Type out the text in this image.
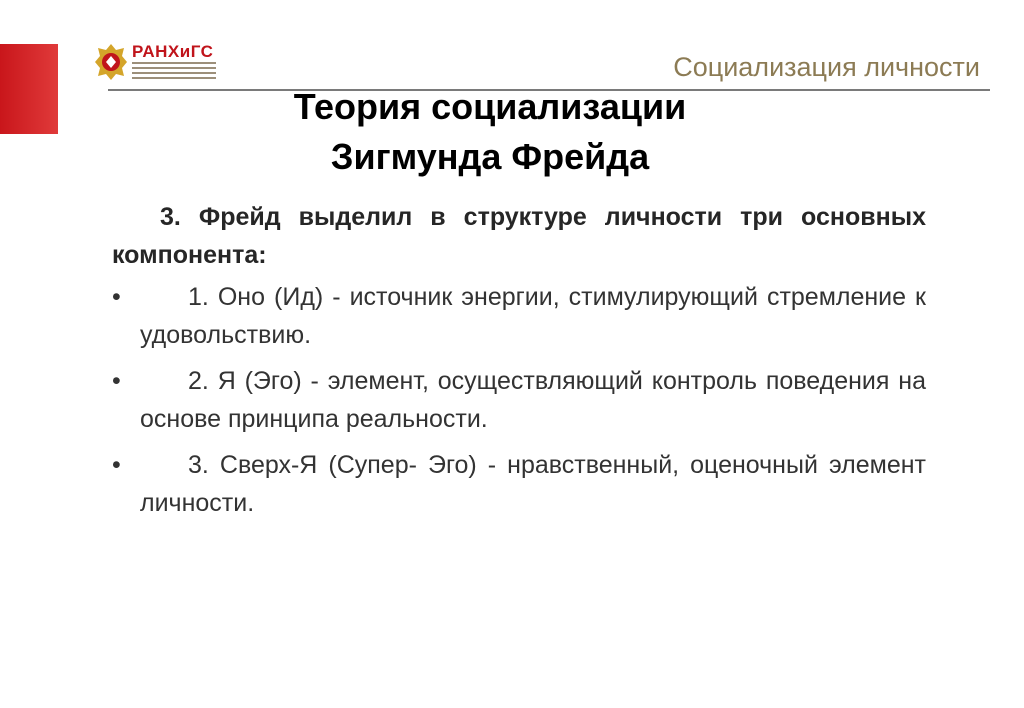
РАНХиГС
Социализация личности
Теория социализации
Зигмунда Фрейда

3. Фрейд выделил в структуре личности три основных компонента:

•	1. Оно (Ид) - источник энергии, стимулирующий стремление к удовольствию.
•	2. Я (Эго) - элемент, осуществляющий контроль поведения на основе принципа реальности.
•	3. Сверх-Я (Супер- Эго) - нравственный, оценочный элемент личности.
